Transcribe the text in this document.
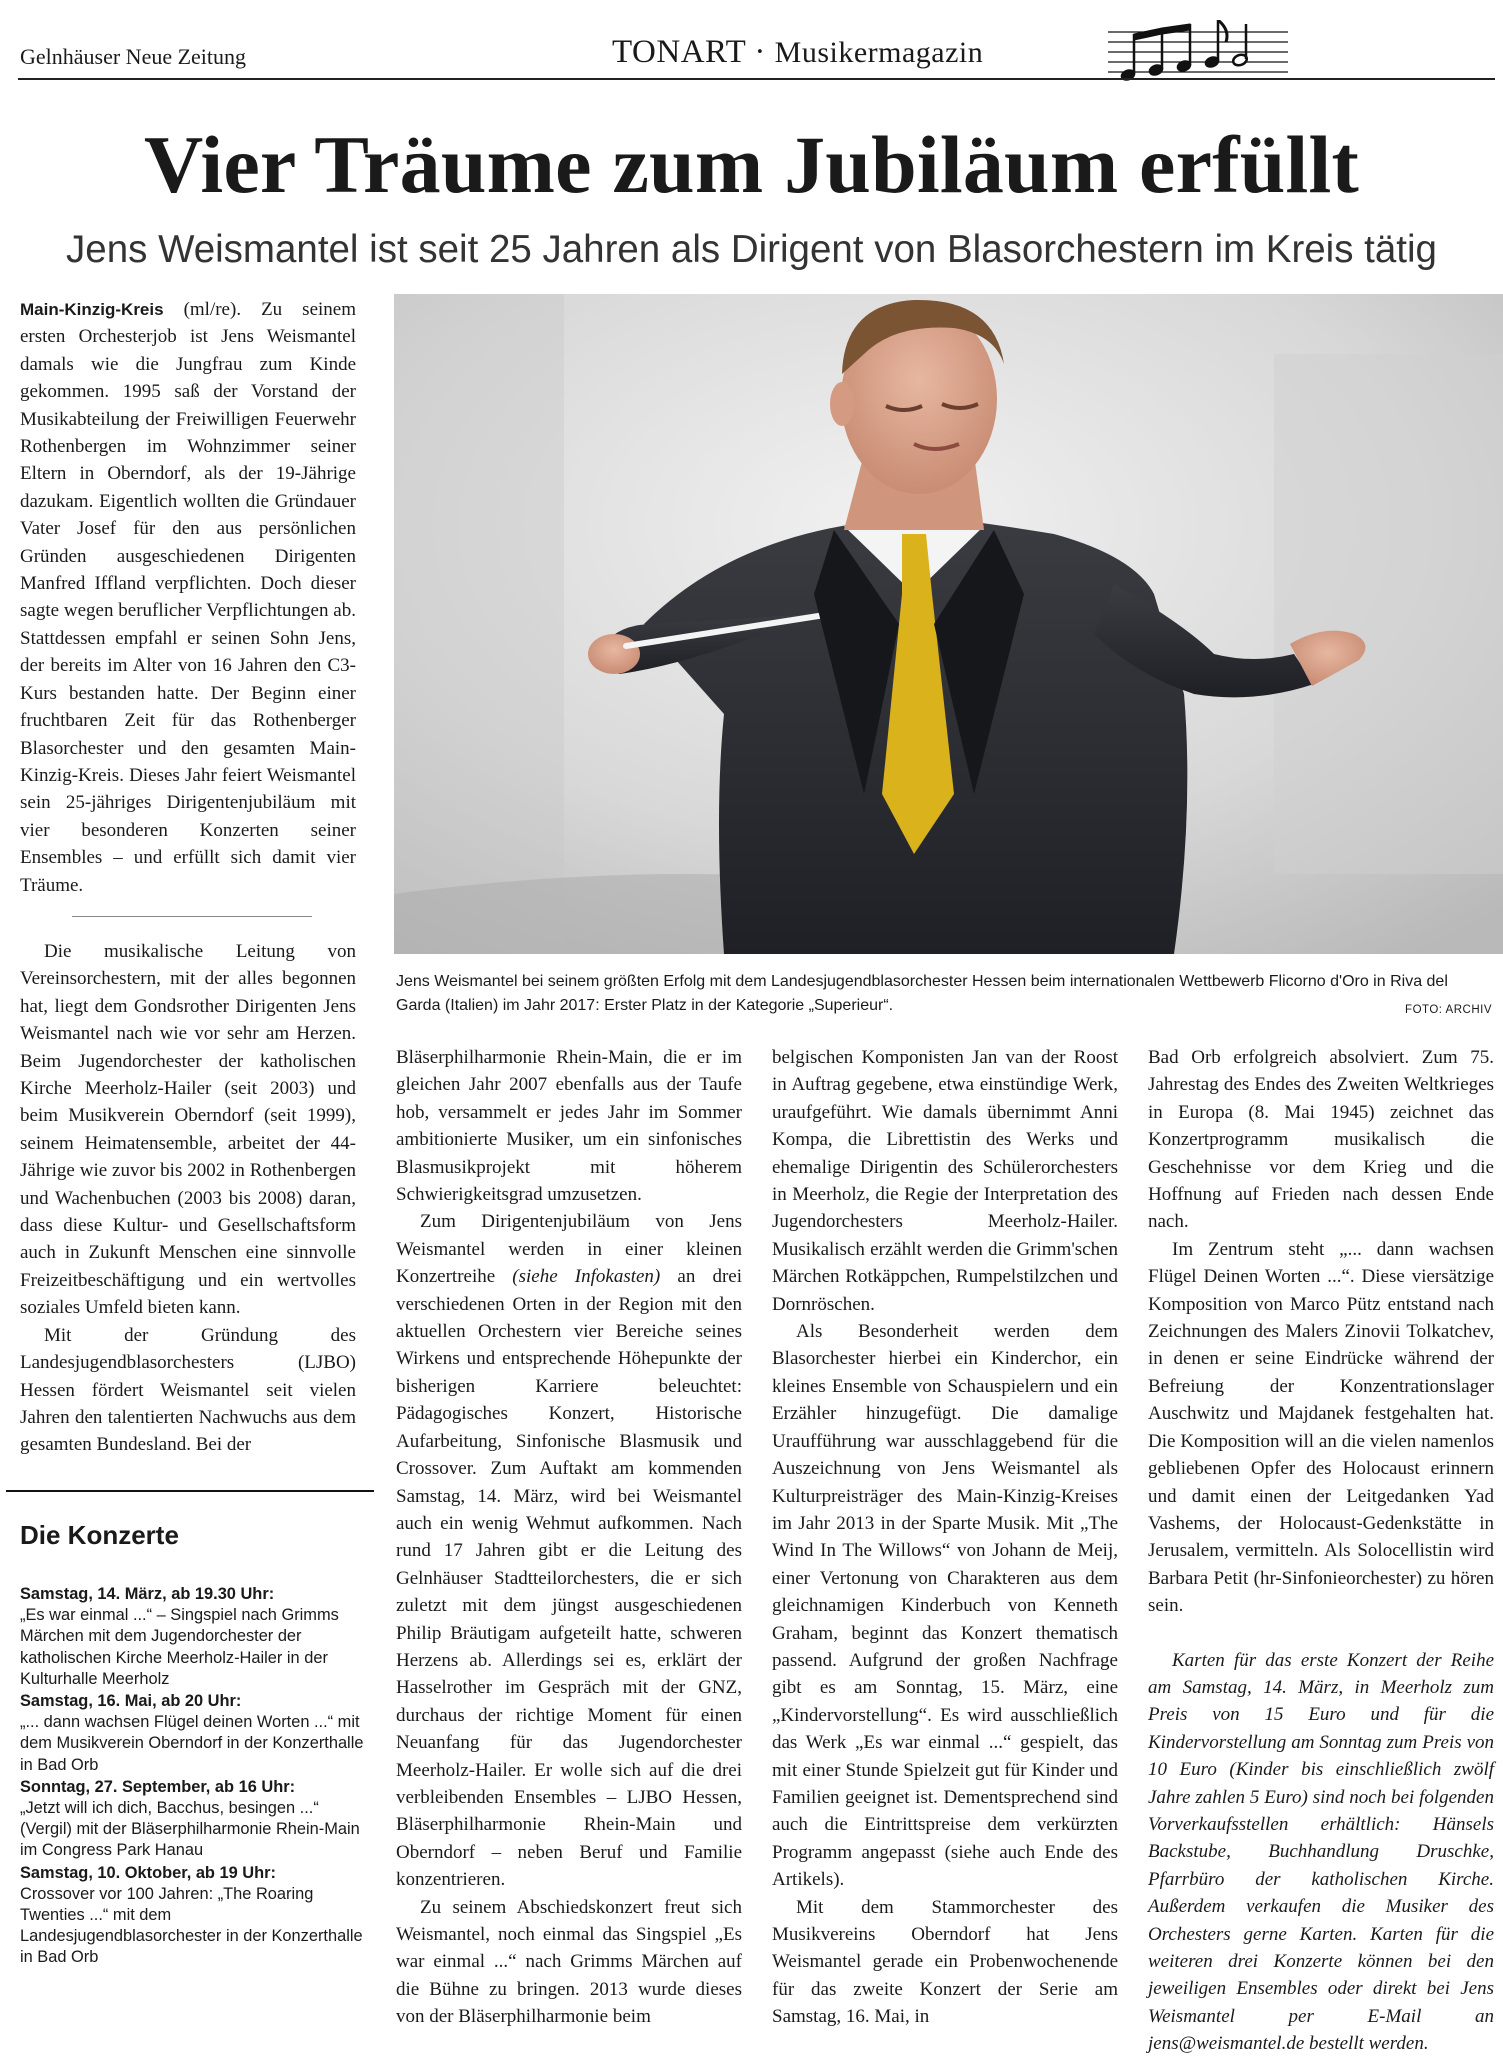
Gelnhäuser Neue Zeitung	TONART · Musikermagazin
Vier Träume zum Jubiläum erfüllt
Jens Weismantel ist seit 25 Jahren als Dirigent von Blasorchestern im Kreis tätig

Main-Kinzig-Kreis (ml/re). Zu seinem ersten Orchesterjob ist Jens Weismantel damals wie die Jungfrau zum Kinde gekommen. 1995 saß der Vorstand der Musikabteilung der Freiwilligen Feuerwehr Rothenbergen im Wohnzimmer seiner Eltern in Oberndorf, als der 19-Jährige dazukam. Eigentlich wollten die Gründauer Vater Josef für den aus persönlichen Gründen ausgeschiedenen Dirigenten Manfred Iffland verpflichten. Doch dieser sagte wegen beruflicher Verpflichtungen ab. Stattdessen empfahl er seinen Sohn Jens, der bereits im Alter von 16 Jahren den C3-Kurs bestanden hatte. Der Beginn einer fruchtbaren Zeit für das Rothenberger Blasorchester und den gesamten Main-Kinzig-Kreis. Dieses Jahr feiert Weismantel sein 25-jähriges Dirigentenjubiläum mit vier besonderen Konzerten seiner Ensembles – und erfüllt sich damit vier Träume.

Die musikalische Leitung von Vereinsorchestern, mit der alles begonnen hat, liegt dem Gondsrother Dirigenten Jens Weismantel nach wie vor sehr am Herzen. Beim Jugendorchester der katholischen Kirche Meerholz-Hailer (seit 2003) und beim Musikverein Oberndorf (seit 1999), seinem Heimatensemble, arbeitet der 44-Jährige wie zuvor bis 2002 in Rothenbergen und Wachenbuchen (2003 bis 2008) daran, dass diese Kultur- und Gesellschaftsform auch in Zukunft Menschen eine sinnvolle Freizeitbeschäftigung und ein wertvolles soziales Umfeld bieten kann.

Mit der Gründung des Landesjugendblasorchesters (LJBO) Hessen fördert Weismantel seit vielen Jahren den talentierten Nachwuchs aus dem gesamten Bundesland. Bei der

Jens Weismantel bei seinem größten Erfolg mit dem Landesjugendblasorchester Hessen beim internationalen Wettbewerb Flicorno d'Oro in Riva del Garda (Italien) im Jahr 2017: Erster Platz in der Kategorie „Superieur“.	FOTO: ARCHIV

Bläserphilharmonie Rhein-Main, die er im gleichen Jahr 2007 ebenfalls aus der Taufe hob, versammelt er jedes Jahr im Sommer ambitionierte Musiker, um ein sinfonisches Blasmusikprojekt mit höherem Schwierigkeitsgrad umzusetzen.

Zum Dirigentenjubiläum von Jens Weismantel werden in einer kleinen Konzertreihe (siehe Infokasten) an drei verschiedenen Orten in der Region mit den aktuellen Orchestern vier Bereiche seines Wirkens und entsprechende Höhepunkte der bisherigen Karriere beleuchtet: Pädagogisches Konzert, Historische Aufarbeitung, Sinfonische Blasmusik und Crossover. Zum Auftakt am kommenden Samstag, 14. März, wird bei Weismantel auch ein wenig Wehmut aufkommen. Nach rund 17 Jahren gibt er die Leitung des Gelnhäuser Stadtteilorchesters, die er sich zuletzt mit dem jüngst ausgeschiedenen Philip Bräutigam aufgeteilt hatte, schweren Herzens ab. Allerdings sei es, erklärt der Hasselrother im Gespräch mit der GNZ, durchaus der richtige Moment für einen Neuanfang für das Jugendorchester Meerholz-Hailer. Er wolle sich auf die drei verbleibenden Ensembles – LJBO Hessen, Bläserphilharmonie Rhein-Main und Oberndorf – neben Beruf und Familie konzentrieren.

Zu seinem Abschiedskonzert freut sich Weismantel, noch einmal das Singspiel „Es war einmal ...“ nach Grimms Märchen auf die Bühne zu bringen. 2013 wurde dieses von der Bläserphilharmonie beim

belgischen Komponisten Jan van der Roost in Auftrag gegebene, etwa einstündige Werk, uraufgeführt. Wie damals übernimmt Anni Kompa, die Librettistin des Werks und ehemalige Dirigentin des Schülerorchesters in Meerholz, die Regie der Interpretation des Jugendorchesters Meerholz-Hailer. Musikalisch erzählt werden die Grimm'schen Märchen Rotkäppchen, Rumpelstilzchen und Dornröschen.

Als Besonderheit werden dem Blasorchester hierbei ein Kinderchor, ein kleines Ensemble von Schauspielern und ein Erzähler hinzugefügt. Die damalige Uraufführung war ausschlaggebend für die Auszeichnung von Jens Weismantel als Kulturpreisträger des Main-Kinzig-Kreises im Jahr 2013 in der Sparte Musik. Mit „The Wind In The Willows“ von Johann de Meij, einer Vertonung von Charakteren aus dem gleichnamigen Kinderbuch von Kenneth Graham, beginnt das Konzert thematisch passend. Aufgrund der großen Nachfrage gibt es am Sonntag, 15. März, eine „Kindervorstellung“. Es wird ausschließlich das Werk „Es war einmal ...“ gespielt, das mit einer Stunde Spielzeit gut für Kinder und Familien geeignet ist. Dementsprechend sind auch die Eintrittspreise dem verkürzten Programm angepasst (siehe auch Ende des Artikels).

Mit dem Stammorchester des Musikvereins Oberndorf hat Jens Weismantel gerade ein Probenwochenende für das zweite Konzert der Serie am Samstag, 16. Mai, in

Bad Orb erfolgreich absolviert. Zum 75. Jahrestag des Endes des Zweiten Weltkrieges in Europa (8. Mai 1945) zeichnet das Konzertprogramm musikalisch die Geschehnisse vor dem Krieg und die Hoffnung auf Frieden nach dessen Ende nach.

Im Zentrum steht „... dann wachsen Flügel Deinen Worten ...“. Diese viersätzige Komposition von Marco Pütz entstand nach Zeichnungen des Malers Zinovii Tolkatchev, in denen er seine Eindrücke während der Befreiung der Konzentrationslager Auschwitz und Majdanek festgehalten hat. Die Komposition will an die vielen namenlos gebliebenen Opfer des Holocaust erinnern und damit einen der Leitgedanken Yad Vashems, der Holocaust-Gedenkstätte in Jerusalem, vermitteln. Als Solocellistin wird Barbara Petit (hr-Sinfonieorchester) zu hören sein.

Karten für das erste Konzert der Reihe am Samstag, 14. März, in Meerholz zum Preis von 15 Euro und für die Kindervorstellung am Sonntag zum Preis von 10 Euro (Kinder bis einschließlich zwölf Jahre zahlen 5 Euro) sind noch bei folgenden Vorverkaufsstellen erhältlich: Hänsels Backstube, Buchhandlung Druschke, Pfarrbüro der katholischen Kirche. Außerdem verkaufen die Musiker des Orchesters gerne Karten. Karten für die weiteren drei Konzerte können bei den jeweiligen Ensembles oder direkt bei Jens Weismantel per E-Mail an jens@weismantel.de bestellt werden.

Die Konzerte
Samstag, 14. März, ab 19.30 Uhr:
„Es war einmal ...“ – Singspiel nach Grimms Märchen mit dem Jugendorchester der katholischen Kirche Meerholz-Hailer in der Kulturhalle Meerholz
Samstag, 16. Mai, ab 20 Uhr:
„... dann wachsen Flügel deinen Worten ...“ mit dem Musikverein Oberndorf in der Konzerthalle in Bad Orb
Sonntag, 27. September, ab 16 Uhr:
„Jetzt will ich dich, Bacchus, besingen ...“ (Vergil) mit der Bläserphilharmonie Rhein-Main im Congress Park Hanau
Samstag, 10. Oktober, ab 19 Uhr:
Crossover vor 100 Jahren: „The Roaring Twenties ...“ mit dem Landesjugendblasorchester in der Konzerthalle in Bad Orb
